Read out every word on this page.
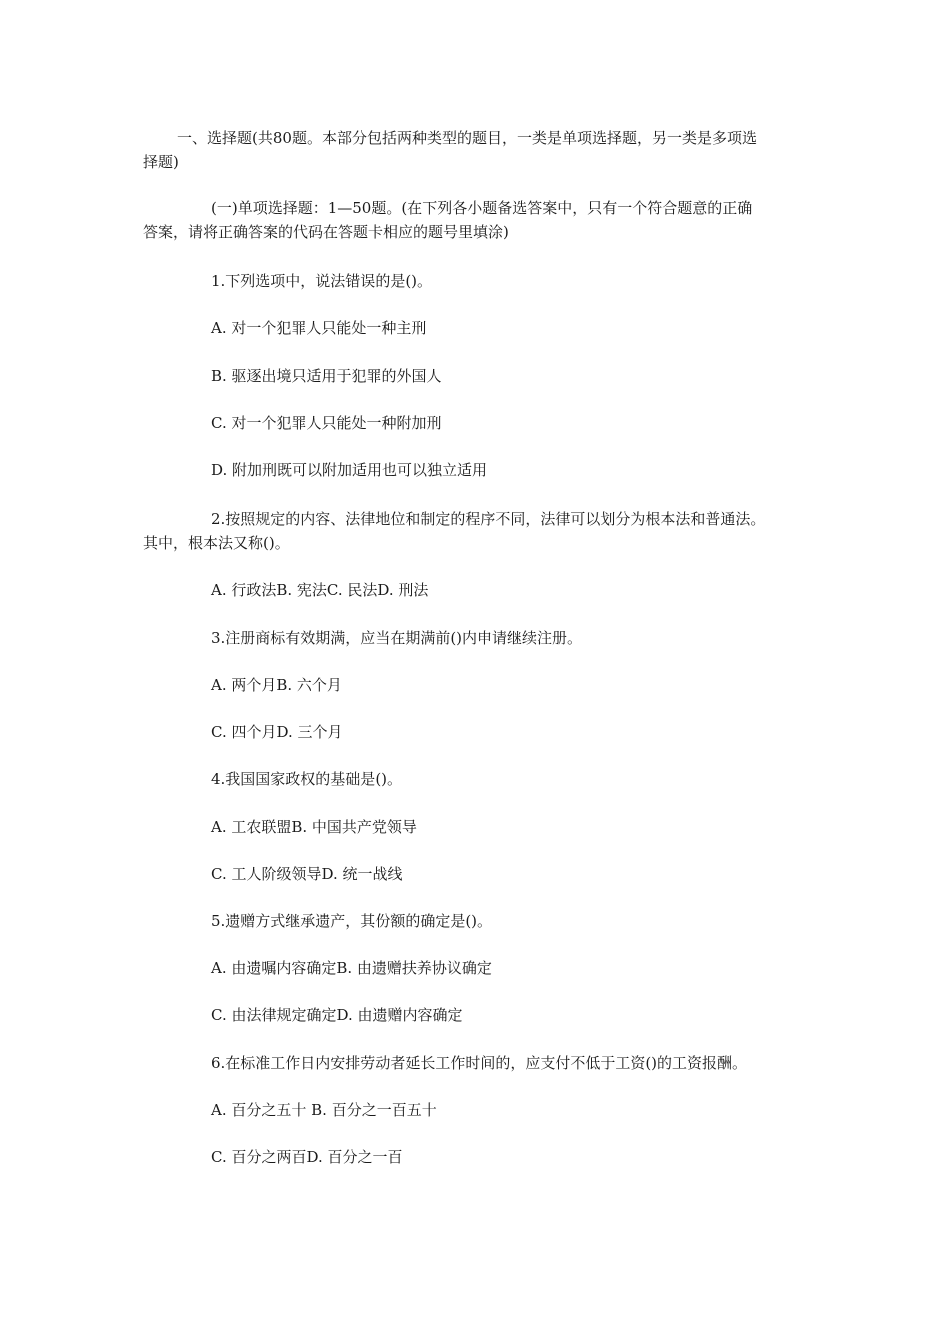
一、选择题(共80题。本部分包括两种类型的题目，一类是单项选择题，另一类是多项选
择题)
(一)单项选择题：1—50题。(在下列各小题备选答案中，只有一个符合题意的正确
答案，请将正确答案的代码在答题卡相应的题号里填涂)
1.下列选项中，说法错误的是()。
A. 对一个犯罪人只能处一种主刑
B. 驱逐出境只适用于犯罪的外国人
C. 对一个犯罪人只能处一种附加刑
D. 附加刑既可以附加适用也可以独立适用
2.按照规定的内容、法律地位和制定的程序不同，法律可以划分为根本法和普通法。
其中，根本法又称()。
A. 行政法B. 宪法C. 民法D. 刑法
3.注册商标有效期满，应当在期满前()内申请继续注册。
A. 两个月B. 六个月
C. 四个月D. 三个月
4.我国国家政权的基础是()。
A. 工农联盟B. 中国共产党领导
C. 工人阶级领导D. 统一战线
5.遗赠方式继承遗产，其份额的确定是()。
A. 由遗嘱内容确定B. 由遗赠扶养协议确定
C. 由法律规定确定D. 由遗赠内容确定
6.在标准工作日内安排劳动者延长工作时间的，应支付不低于工资()的工资报酬。
A. 百分之五十 B. 百分之一百五十
C. 百分之两百D. 百分之一百
